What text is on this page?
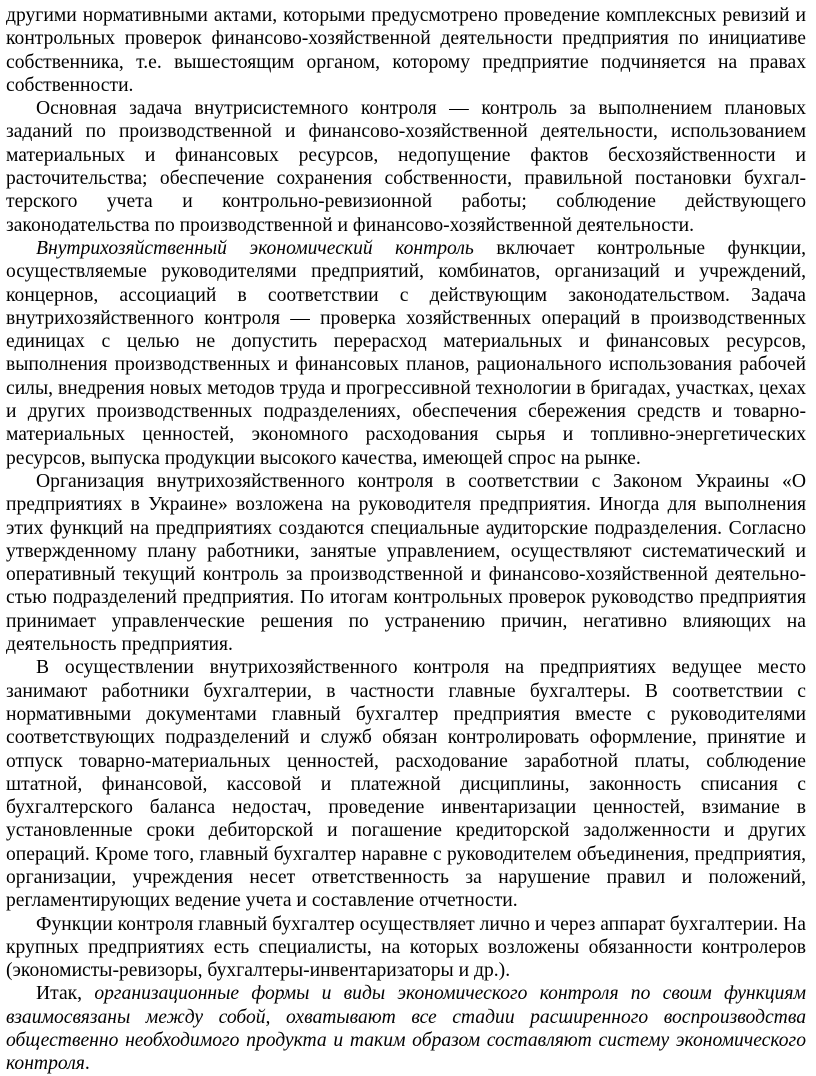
другими нормативными актами, которыми предусмотрено проведение комплексных ревизий и контрольных проверок финансово-хозяйственной деятельности предприятия по инициативе собственника, т.е. вышестоящим органом, которому предприятие подчиняется на правах собственности.

Основная задача внутрисистемного контроля — контроль за выполнением плановых заданий по производственной и финансово-хозяйственной деятельности, использованием материальных и финансовых ресурсов, недопущение фактов бесхозяйственности и расточительства; обеспечение сохранения собственности, правильной постановки бухгалтерского учета и контрольно-ревизионной работы; соблюдение действующего законодательства по производственной и финансово-хозяйственной деятельности.

Внутрихозяйственный экономический контроль включает контрольные функции, осуществляемые руководителями предприятий, комбинатов, организаций и учреждений, концернов, ассоциаций в соответствии с действующим законодательством. Задача внутрихозяйственного контроля — проверка хозяйственных операций в производственных единицах с целью не допустить перерасход материальных и финансовых ресурсов, выполнения производственных и финансовых планов, рационального использования рабочей силы, внедрения новых методов труда и прогрессивной технологии в бригадах, участках, цехах и других производственных подразделениях, обеспечения сбережения средств и товарно-материальных ценностей, экономного расходования сырья и топливно-энергетических ресурсов, выпуска продукции высокого качества, имеющей спрос на рынке.

Организация внутрихозяйственного контроля в соответствии с Законом Украины «О предприятиях в Украине» возложена на руководителя предприятия. Иногда для выполнения этих функций на предприятиях создаются специальные аудиторские подразделения. Согласно утвержденному плану работники, занятые управлением, осуществляют систематический и оперативный текущий контроль за производственной и финансово-хозяйственной деятельностью подразделений предприятия. По итогам контрольных проверок руководство предприятия принимает управленческие решения по устранению причин, негативно влияющих на деятельность предприятия.

В осуществлении внутрихозяйственного контроля на предприятиях ведущее место занимают работники бухгалтерии, в частности главные бухгалтеры. В соответствии с нормативными документами главный бухгалтер предприятия вместе с руководителями соответствующих подразделений и служб обязан контролировать оформление, принятие и отпуск товарно-материальных ценностей, расходование заработной платы, соблюдение штатной, финансовой, кассовой и платежной дисциплины, законность списания с бухгалтерского баланса недостач, проведение инвентаризации ценностей, взимание в установленные сроки дебиторской и погашение кредиторской задолженности и других операций. Кроме того, главный бухгалтер наравне с руководителем объединения, предприятия, организации, учреждения несет ответственность за нарушение правил и положений, регламентирующих ведение учета и составление отчетности.

Функции контроля главный бухгалтер осуществляет лично и через аппарат бухгалтерии. На крупных предприятиях есть специалисты, на которых возложены обязанности контролеров (экономисты-ревизоры, бухгалтеры-инвентаризаторы и др.).

Итак, организационные формы и виды экономического контроля по своим функциям взаимосвязаны между собой, охватывают все стадии расширенного воспроизводства общественно необходимого продукта и таким образом составляют систему экономического контроля.
